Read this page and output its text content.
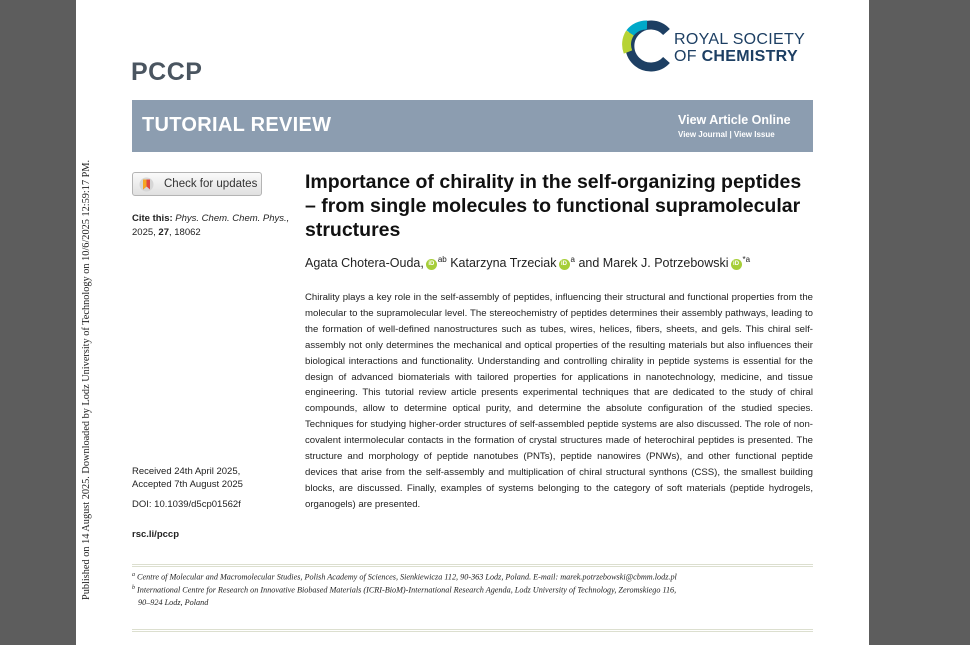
Published on 14 August 2025. Downloaded by Lodz University of Technology on 10/6/2025 12:59:17 PM.
PCCP
ROYAL SOCIETY
OF CHEMISTRY
TUTORIAL REVIEW	View Article Online
View Journal | View Issue
Check for updates
Cite this: Phys. Chem. Chem. Phys.,
2025, 27, 18062
Received 24th April 2025,
Accepted 7th August 2025
DOI: 10.1039/d5cp01562f
rsc.li/pccp
Importance of chirality in the self-organizing peptides – from single molecules to functional supramolecular structures
Agata Chotera-Ouda, $iD^{ab}$ Katarzyna Trzeciak $iD^a$ and Marek J. Potrzebowski $iD^{*a}$

Chirality plays a key role in the self-assembly of peptides, influencing their structural and functional properties from the molecular to the supramolecular level. The stereochemistry of peptides determines their assembly pathways, leading to the formation of well-defined nanostructures such as tubes, wires, helices, fibers, sheets, and gels. This chiral self-assembly not only determines the mechanical and optical properties of the resulting materials but also influences their biological interactions and functionality. Understanding and controlling chirality in peptide systems is essential for the design of advanced biomaterials with tailored properties for applications in nanotechnology, medicine, and tissue engineering. This tutorial review article presents experimental techniques that are dedicated to the study of chiral compounds, allow to determine optical purity, and determine the absolute configuration of the studied species. Techniques for studying higher-order structures of self-assembled peptide systems are also discussed. The role of non-covalent intermolecular contacts in the formation of crystal structures made of heterochiral peptides is presented. The structure and morphology of peptide nanotubes (PNTs), peptide nanowires (PNWs), and other functional peptide devices that arise from the self-assembly and multiplication of chiral structural synthons (CSS), the smallest building blocks, are discussed. Finally, examples of systems belonging to the category of soft materials (peptide hydrogels, organogels) are presented.

$^a$ Centre of Molecular and Macromolecular Studies, Polish Academy of Sciences, Sienkiewicza 112, 90-363 Lodz, Poland. E-mail: marek.potrzebowski@cbmm.lodz.pl
$^b$ International Centre for Research on Innovative Biobased Materials (ICRI-BioM)-International Research Agenda, Lodz University of Technology, Zeromskiego 116,
90–924 Lodz, Poland
